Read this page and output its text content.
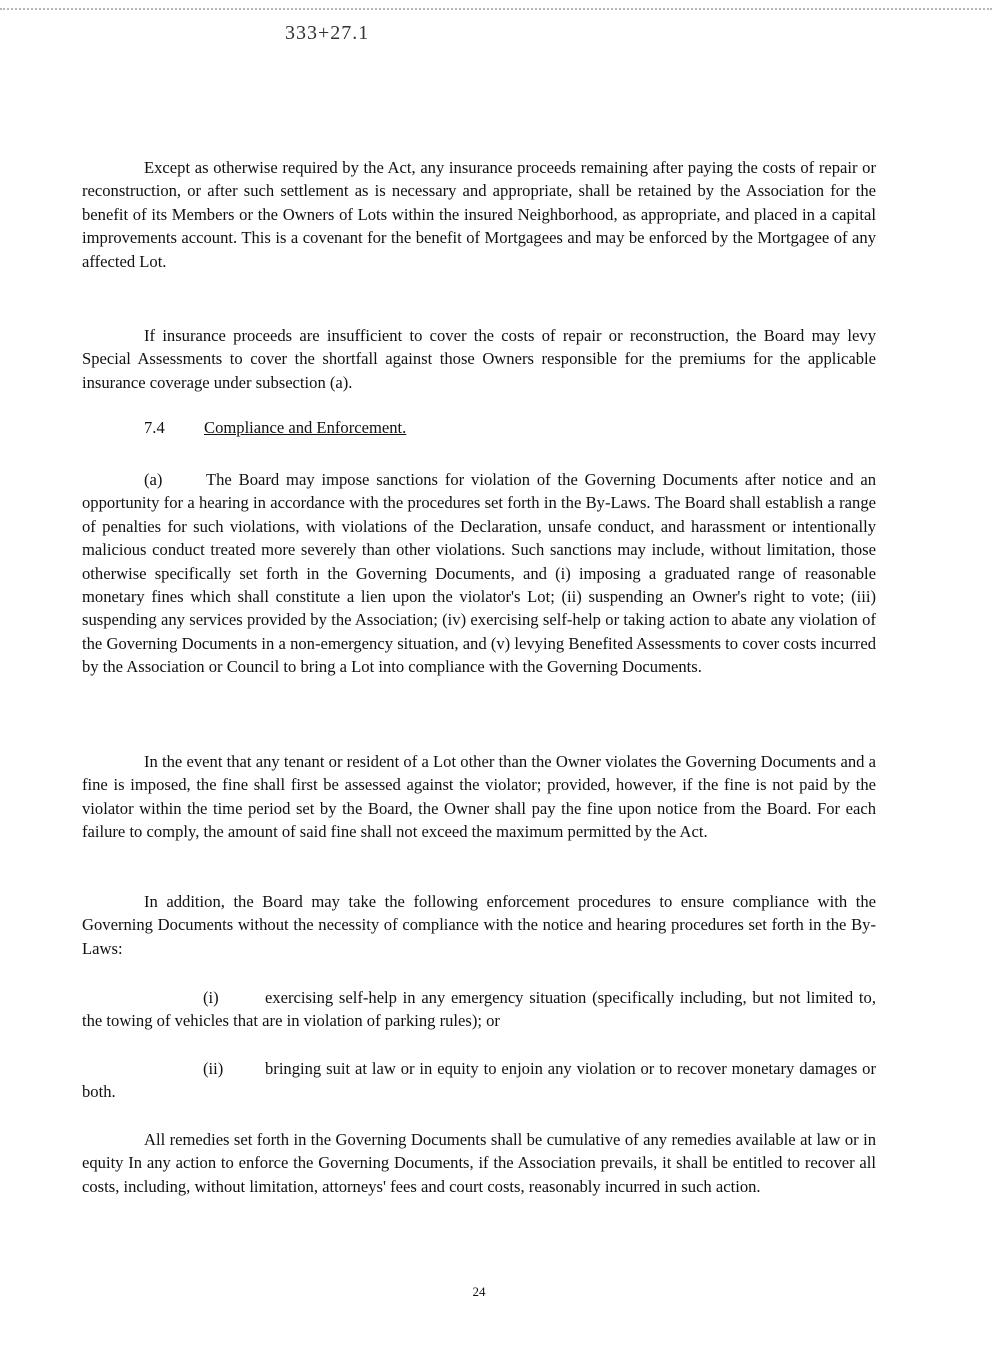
333+27.1

Except as otherwise required by the Act, any insurance proceeds remaining after paying the costs of repair or reconstruction, or after such settlement as is necessary and appropriate, shall be retained by the Association for the benefit of its Members or the Owners of Lots within the insured Neighborhood, as appropriate, and placed in a capital improvements account. This is a covenant for the benefit of Mortgagees and may be enforced by the Mortgagee of any affected Lot.

If insurance proceeds are insufficient to cover the costs of repair or reconstruction, the Board may levy Special Assessments to cover the shortfall against those Owners responsible for the premiums for the applicable insurance coverage under subsection (a).

7.4 Compliance and Enforcement.

(a)	The Board may impose sanctions for violation of the Governing Documents after notice and an opportunity for a hearing in accordance with the procedures set forth in the By-Laws. The Board shall establish a range of penalties for such violations, with violations of the Declaration, unsafe conduct, and harassment or intentionally malicious conduct treated more severely than other violations. Such sanctions may include, without limitation, those otherwise specifically set forth in the Governing Documents, and (i) imposing a graduated range of reasonable monetary fines which shall constitute a lien upon the violator's Lot; (ii) suspending an Owner's right to vote; (iii) suspending any services provided by the Association; (iv) exercising self-help or taking action to abate any violation of the Governing Documents in a non-emergency situation, and (v) levying Benefited Assessments to cover costs incurred by the Association or Council to bring a Lot into compliance with the Governing Documents.

In the event that any tenant or resident of a Lot other than the Owner violates the Governing Documents and a fine is imposed, the fine shall first be assessed against the violator; provided, however, if the fine is not paid by the violator within the time period set by the Board, the Owner shall pay the fine upon notice from the Board. For each failure to comply, the amount of said fine shall not exceed the maximum permitted by the Act.

In addition, the Board may take the following enforcement procedures to ensure compliance with the Governing Documents without the necessity of compliance with the notice and hearing procedures set forth in the By-Laws:

(i)	exercising self-help in any emergency situation (specifically including, but not limited to, the towing of vehicles that are in violation of parking rules); or

(ii)	bringing suit at law or in equity to enjoin any violation or to recover monetary damages or both.

All remedies set forth in the Governing Documents shall be cumulative of any remedies available at law or in equity In any action to enforce the Governing Documents, if the Association prevails, it shall be entitled to recover all costs, including, without limitation, attorneys' fees and court costs, reasonably incurred in such action.

24
